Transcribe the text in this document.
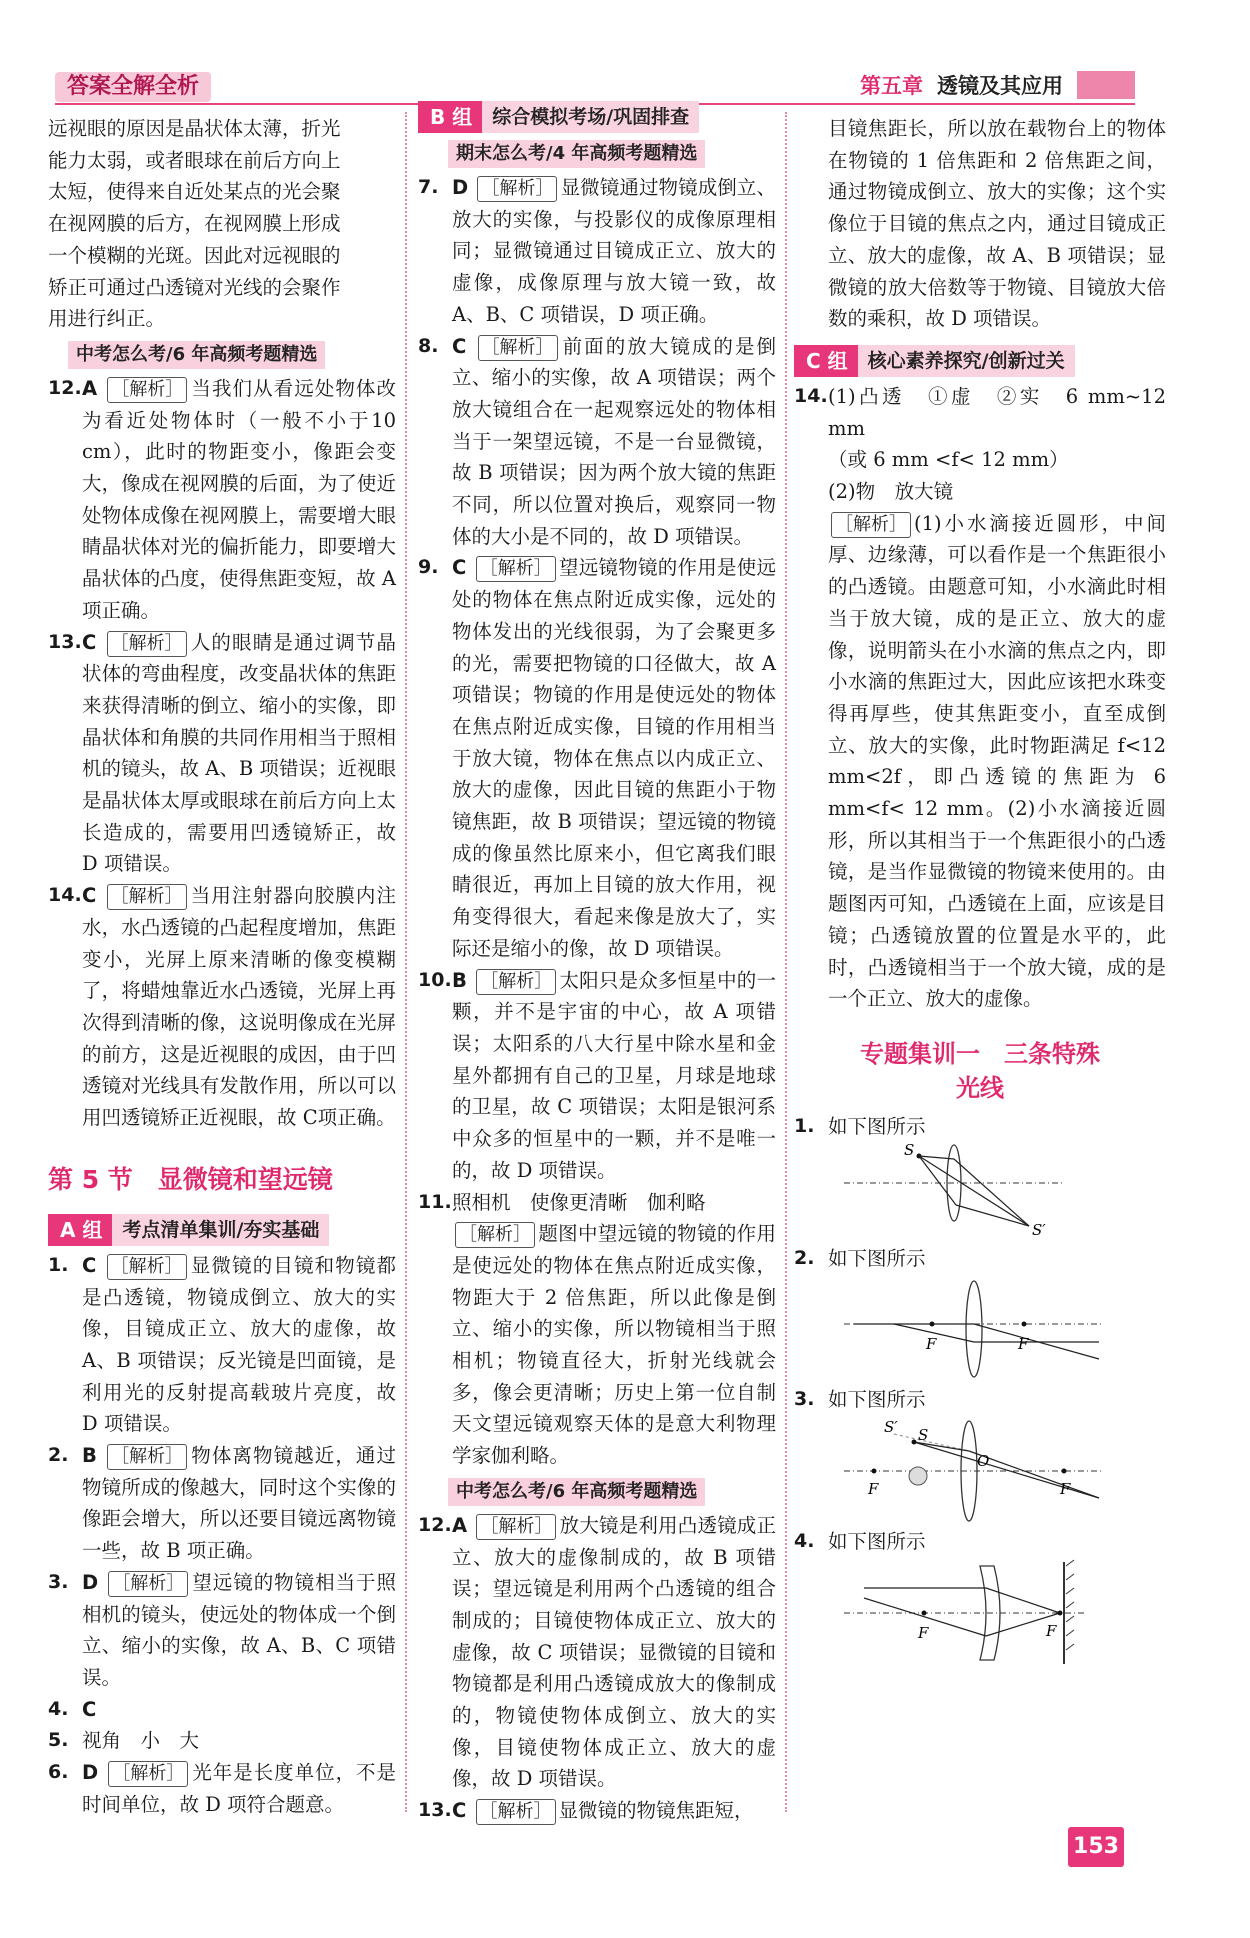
答案全解全析	第五章 透镜及其应用
远视眼的原因是晶状体太薄，折光
能力太弱，或者眼球在前后方向上
太短，使得来自近处某点的光会聚
在视网膜的后方，在视网膜上形成
一个模糊的光斑。因此对远视眼的
矫正可通过凸透镜对光线的会聚作
用进行纠正。
中考怎么考/6 年高频考题精选
12. A ［解析］ 当我们从看远处物体改为看近处物体时（一般不小于10 cm），此时的物距变小，像距会变大，像成在视网膜的后面，为了使近处物体成像在视网膜上，需要增大眼睛晶状体对光的偏折能力，即要增大晶状体的凸度，使得焦距变短，故 A 项正确。
13. C ［解析］ 人的眼睛是通过调节晶状体的弯曲程度，改变晶状体的焦距来获得清晰的倒立、缩小的实像，即晶状体和角膜的共同作用相当于照相机的镜头，故 A、B 项错误；近视眼是晶状体太厚或眼球在前后方向上太长造成的，需要用凹透镜矫正，故 D 项错误。
14. C ［解析］ 当用注射器向胶膜内注水，水凸透镜的凸起程度增加，焦距变小，光屏上原来清晰的像变模糊了，将蜡烛靠近水凸透镜，光屏上再次得到清晰的像，这说明像成在光屏的前方，这是近视眼的成因，由于凹透镜对光线具有发散作用，所以可以用凹透镜矫正近视眼，故 C项正确。
第 5 节　显微镜和望远镜
A 组	考点清单集训/夯实基础
1. C ［解析］ 显微镜的目镜和物镜都是凸透镜，物镜成倒立、放大的实像，目镜成正立、放大的虚像，故 A、B 项错误；反光镜是凹面镜，是利用光的反射提高载玻片亮度，故 D 项错误。
2. B ［解析］ 物体离物镜越近，通过物镜所成的像越大，同时这个实像的像距会增大，所以还要目镜远离物镜一些，故 B 项正确。
3. D ［解析］ 望远镜的物镜相当于照相机的镜头，使远处的物体成一个倒立、缩小的实像，故 A、B、C 项错误。
4. C
5. 视角　小　大
6. D ［解析］ 光年是长度单位，不是时间单位，故 D 项符合题意。
B 组	综合模拟考场/巩固排查
期末怎么考/4 年高频考题精选
7. D ［解析］ 显微镜通过物镜成倒立、放大的实像，与投影仪的成像原理相同；显微镜通过目镜成正立、放大的虚像，成像原理与放大镜一致，故 A、B、C 项错误，D 项正确。
8. C ［解析］ 前面的放大镜成的是倒立、缩小的实像，故 A 项错误；两个放大镜组合在一起观察远处的物体相当于一架望远镜，不是一台显微镜，故 B 项错误；因为两个放大镜的焦距不同，所以位置对换后，观察同一物体的大小是不同的，故 D 项错误。
9. C ［解析］ 望远镜物镜的作用是使远处的物体在焦点附近成实像，远处的物体发出的光线很弱，为了会聚更多的光，需要把物镜的口径做大，故 A 项错误；物镜的作用是使远处的物体在焦点附近成实像，目镜的作用相当于放大镜，物体在焦点以内成正立、放大的虚像，因此目镜的焦距小于物镜焦距，故 B 项错误；望远镜的物镜成的像虽然比原来小，但它离我们眼睛很近，再加上目镜的放大作用，视角变得很大，看起来像是放大了，实际还是缩小的像，故 D 项错误。
10. B ［解析］ 太阳只是众多恒星中的一颗，并不是宇宙的中心，故 A 项错误；太阳系的八大行星中除水星和金星外都拥有自己的卫星，月球是地球的卫星，故 C 项错误；太阳是银河系中众多的恒星中的一颗，并不是唯一的，故 D 项错误。
11. 照相机　使像更清晰　伽利略
［解析］ 题图中望远镜的物镜的作用是使远处的物体在焦点附近成实像，物距大于 2 倍焦距，所以此像是倒立、缩小的实像，所以物镜相当于照相机；物镜直径大，折射光线就会多，像会更清晰；历史上第一位自制天文望远镜观察天体的是意大利物理学家伽利略。
中考怎么考/6 年高频考题精选
12. A ［解析］ 放大镜是利用凸透镜成正立、放大的虚像制成的，故 B 项错误；望远镜是利用两个凸透镜的组合制成的；目镜使物体成正立、放大的虚像，故 C 项错误；显微镜的目镜和物镜都是利用凸透镜成放大的像制成的，物镜使物体成倒立、放大的实像，目镜使物体成正立、放大的虚像，故 D 项错误。
13. C ［解析］ 显微镜的物镜焦距短，
目镜焦距长，所以放在载物台上的物体在物镜的 1 倍焦距和 2 倍焦距之间，通过物镜成倒立、放大的实像；这个实像位于目镜的焦点之内，通过目镜成正立、放大的虚像，故 A、B 项错误；显微镜的放大倍数等于物镜、目镜放大倍数的乘积，故 D 项错误。
C 组	核心素养探究/创新过关
14. (1)凸透　①虚　②实　6 mm~12 mm
（或 6 mm <f< 12 mm）
(2)物　放大镜
［解析］ (1)小水滴接近圆形，中间厚、边缘薄，可以看作是一个焦距很小的凸透镜。由题意可知，小水滴此时相当于放大镜，成的是正立、放大的虚像，说明箭头在小水滴的焦点之内，即小水滴的焦距过大，因此应该把水珠变得再厚些，使其焦距变小，直至成倒立、放大的实像，此时物距满足 f<12 mm<2f，即凸透镜的焦距为 6 mm<f< 12 mm。(2)小水滴接近圆形，所以其相当于一个焦距很小的凸透镜，是当作显微镜的物镜来使用的。由题图丙可知，凸透镜在上面，应该是目镜；凸透镜放置的位置是水平的，此时，凸透镜相当于一个放大镜，成的是一个正立、放大的虚像。
专题集训一　三条特殊
光线
1. 如下图所示
S
S′
2. 如下图所示
F	F
3. 如下图所示
S′ S
O
F	F
4. 如下图所示
F	F
153
